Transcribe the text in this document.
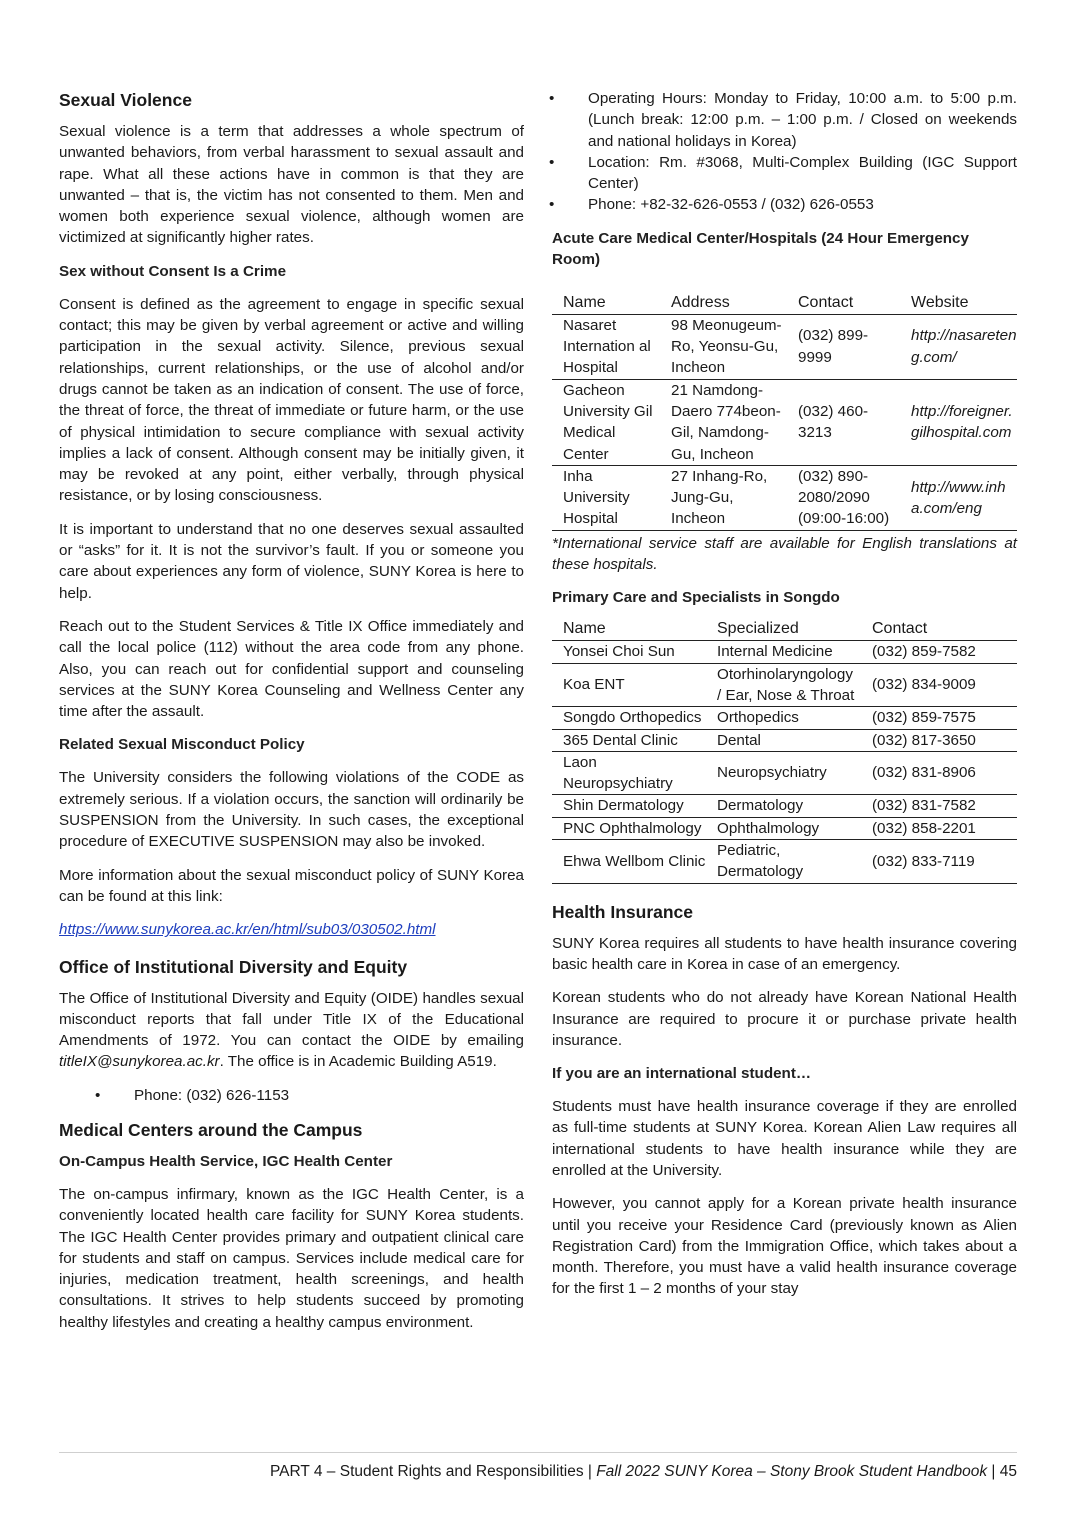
Sexual Violence

Sexual violence is a term that addresses a whole spectrum of unwanted behaviors, from verbal harassment to sexual assault and rape. What all these actions have in common is that they are unwanted – that is, the victim has not consented to them. Men and women both experience sexual violence, although women are victimized at significantly higher rates.

Sex without Consent Is a Crime

Consent is defined as the agreement to engage in specific sexual contact; this may be given by verbal agreement or active and willing participation in the sexual activity. Silence, previous sexual relationships, current relationships, or the use of alcohol and/or drugs cannot be taken as an indication of consent. The use of force, the threat of force, the threat of immediate or future harm, or the use of physical intimidation to secure compliance with sexual activity implies a lack of consent. Although consent may be initially given, it may be revoked at any point, either verbally, through physical resistance, or by losing consciousness.

It is important to understand that no one deserves sexual assaulted or “asks” for it. It is not the survivor’s fault. If you or someone you care about experiences any form of violence, SUNY Korea is here to help.

Reach out to the Student Services & Title IX Office immediately and call the local police (112) without the area code from any phone. Also, you can reach out for confidential support and counseling services at the SUNY Korea Counseling and Wellness Center any time after the assault.

Related Sexual Misconduct Policy

The University considers the following violations of the CODE as extremely serious. If a violation occurs, the sanction will ordinarily be SUSPENSION from the University. In such cases, the exceptional procedure of EXECUTIVE SUSPENSION may also be invoked.

More information about the sexual misconduct policy of SUNY Korea can be found at this link:

https://www.sunykorea.ac.kr/en/html/sub03/030502.html

Office of Institutional Diversity and Equity

The Office of Institutional Diversity and Equity (OIDE) handles sexual misconduct reports that fall under Title IX of the Educational Amendments of 1972. You can contact the OIDE by emailing titleIX@sunykorea.ac.kr. The office is in Academic Building A519.

• Phone: (032) 626-1153
Medical Centers around the Campus
On-Campus Health Service, IGC Health Center

The on-campus infirmary, known as the IGC Health Center, is a conveniently located health care facility for SUNY Korea students. The IGC Health Center provides primary and outpatient clinical care for students and staff on campus. Services include medical care for injuries, medication treatment, health screenings, and health consultations. It strives to help students succeed by promoting healthy lifestyles and creating a healthy campus environment.

• Operating Hours: Monday to Friday, 10:00 a.m. to 5:00 p.m. (Lunch break: 12:00 p.m. – 1:00 p.m. / Closed on weekends and national holidays in Korea)
• Location: Rm. #3068, Multi-Complex Building (IGC Support Center)
• Phone: +82-32-626-0553 / (032) 626-0553
Acute Care Medical Center/Hospitals (24 Hour Emergency Room)
Name	Address	Contact	Website
Nasaret Internation al Hospital	98 Meonugeum-Ro, Yeonsu-Gu, Incheon	(032) 899-9999	http://nasareteng.com/
Gacheon University Gil Medical Center	21 Namdong-Daero 774beon-Gil, Namdong-Gu, Incheon	(032) 460-3213	http://foreigner.gilhospital.com
Inha University Hospital	27 Inhang-Ro, Jung-Gu, Incheon	(032) 890-2080/2090 (09:00-16:00)	http://www.inha.com/eng

*International service staff are available for English translations at these hospitals.

Primary Care and Specialists in Songdo
Name	Specialized	Contact
Yonsei Choi Sun	Internal Medicine	(032) 859-7582
Koa ENT	Otorhinolaryngology / Ear, Nose & Throat	(032) 834-9009
Songdo Orthopedics	Orthopedics	(032) 859-7575
365 Dental Clinic	Dental	(032) 817-3650
Laon Neuropsychiatry	Neuropsychiatry	(032) 831-8906
Shin Dermatology	Dermatology	(032) 831-7582
PNC Ophthalmology	Ophthalmology	(032) 858-2201
Ehwa Wellbom Clinic	Pediatric, Dermatology	(032) 833-7119
Health Insurance

SUNY Korea requires all students to have health insurance covering basic health care in Korea in case of an emergency.

Korean students who do not already have Korean National Health Insurance are required to procure it or purchase private health insurance.

If you are an international student…

Students must have health insurance coverage if they are enrolled as full-time students at SUNY Korea. Korean Alien Law requires all international students to have health insurance while they are enrolled at the University.

However, you cannot apply for a Korean private health insurance until you receive your Residence Card (previously known as Alien Registration Card) from the Immigration Office, which takes about a month. Therefore, you must have a valid health insurance coverage for the first 1 – 2 months of your stay

PART 4 – Student Rights and Responsibilities | Fall 2022 SUNY Korea – Stony Brook Student Handbook | 45
